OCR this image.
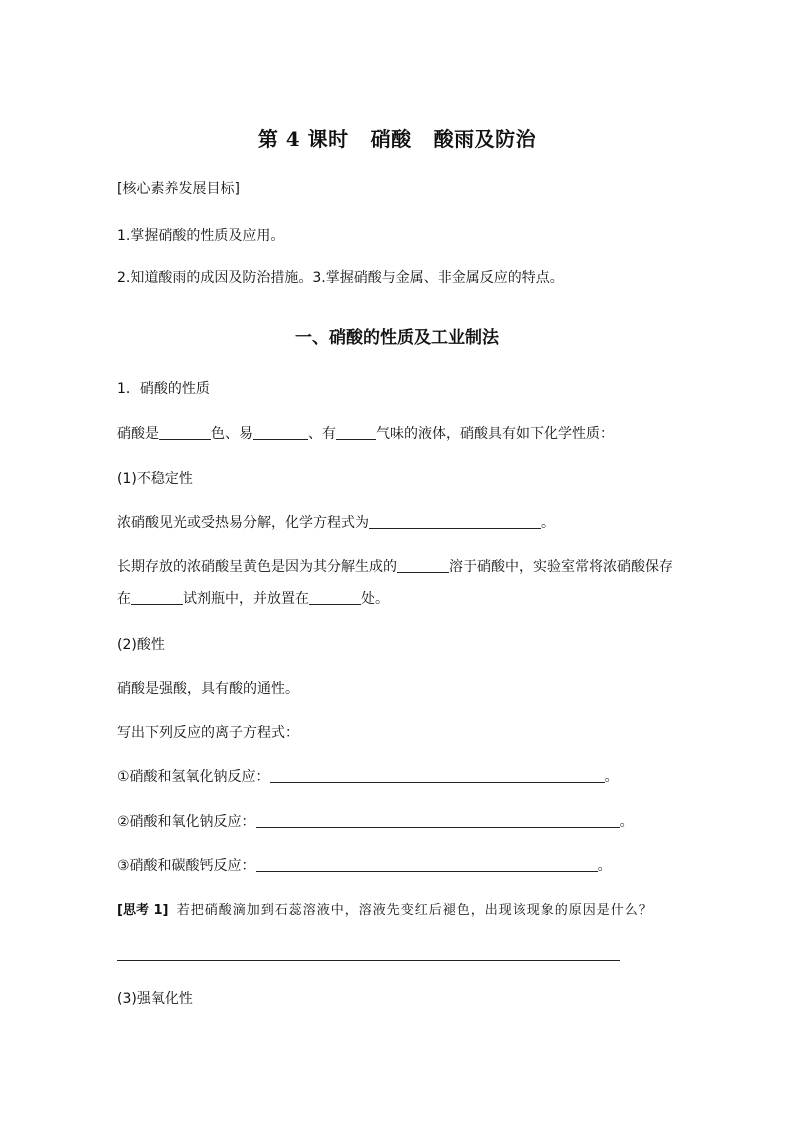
第 4 课时 硝酸 酸雨及防治
[核心素养发展目标]
1.掌握硝酸的性质及应用。
2.知道酸雨的成因及防治措施。3.掌握硝酸与金属、非金属反应的特点。
一、硝酸的性质及工业制法
1．硝酸的性质
硝酸是	色、易	、有	气味的液体，硝酸具有如下化学性质：
(1)不稳定性
浓硝酸见光或受热易分解，化学方程式为	。
长期存放的浓硝酸呈黄色是因为其分解生成的	溶于硝酸中，实验室常将浓硝酸保存
在	试剂瓶中，并放置在	处。
(2)酸性
硝酸是强酸，具有酸的通性。
写出下列反应的离子方程式：
①硝酸和氢氧化钠反应：	。
②硝酸和氧化钠反应：	。
③硝酸和碳酸钙反应：	。
[思考 1] 若把硝酸滴加到石蕊溶液中，溶液先变红后褪色，出现该现象的原因是什么？
(3)强氧化性
